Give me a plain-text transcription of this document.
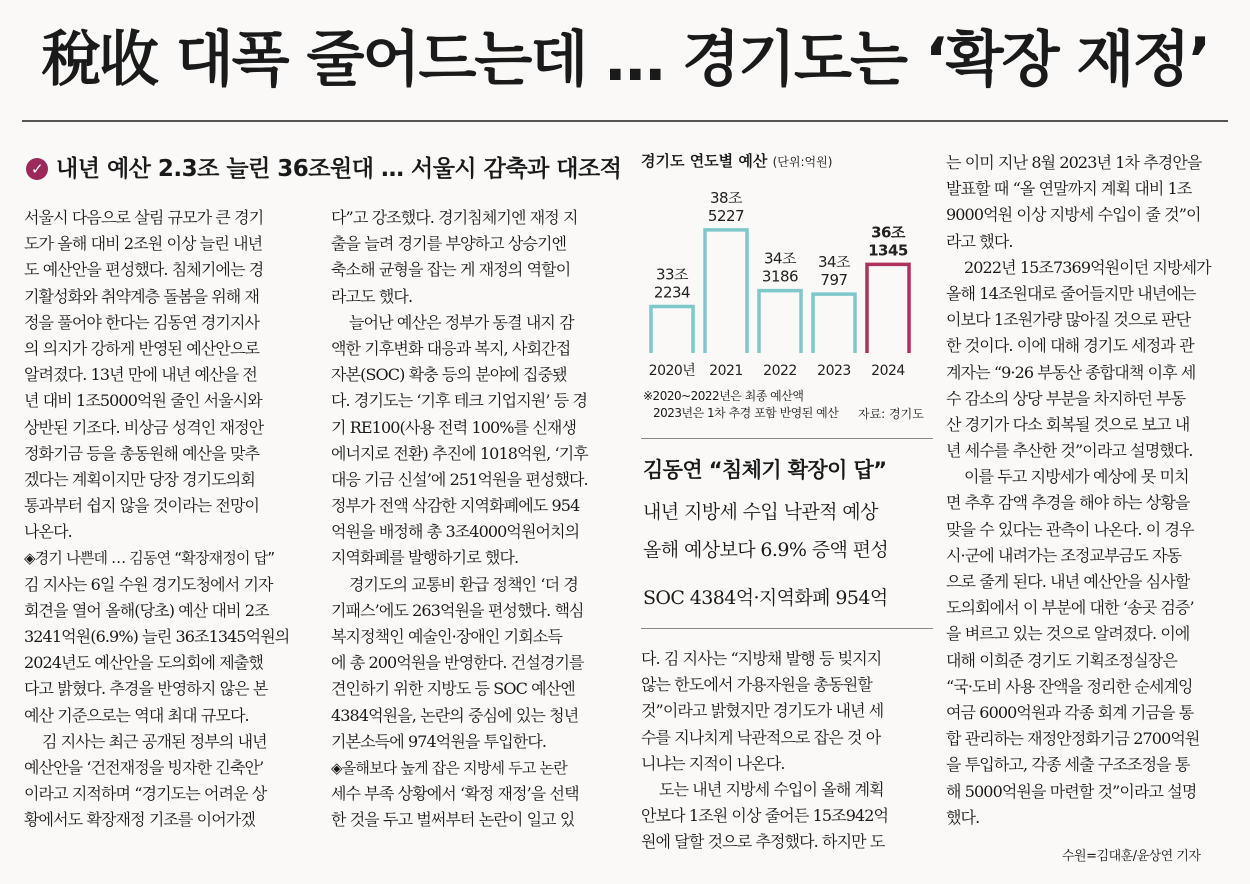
稅收 대폭 줄어드는데 … 경기도는 ‘확장 재정’
✓ 내년 예산 2.3조 늘린 36조원대 … 서울시 감축과 대조적
서울시 다음으로 살림 규모가 큰 경기
도가 올해 대비 2조원 이상 늘린 내년
도 예산안을 편성했다. 침체기에는 경
기활성화와 취약계층 돌봄을 위해 재
정을 풀어야 한다는 김동연 경기지사
의 의지가 강하게 반영된 예산안으로
알려졌다. 13년 만에 내년 예산을 전
년 대비 1조5000억원 줄인 서울시와
상반된 기조다. 비상금 성격인 재정안
정화기금 등을 총동원해 예산을 맞추
겠다는 계획이지만 당장 경기도의회
통과부터 쉽지 않을 것이라는 전망이
나온다.
◈경기 나쁜데 … 김동연 “확장재정이 답”
김 지사는 6일 수원 경기도청에서 기자
회견을 열어 올해(당초) 예산 대비 2조
3241억원(6.9%) 늘린 36조1345억원의
2024년도 예산안을 도의회에 제출했
다고 밝혔다. 추경을 반영하지 않은 본
예산 기준으로는 역대 최대 규모다.
김 지사는 최근 공개된 정부의 내년
예산안을 ‘건전재정을 빙자한 긴축안’
이라고 지적하며 “경기도는 어려운 상
황에서도 확장재정 기조를 이어가겠
다”고 강조했다. 경기침체기엔 재정 지
출을 늘려 경기를 부양하고 상승기엔
축소해 균형을 잡는 게 재정의 역할이
라고도 했다.
늘어난 예산은 정부가 동결 내지 감
액한 기후변화 대응과 복지, 사회간접
자본(SOC) 확충 등의 분야에 집중됐
다. 경기도는 ‘기후 테크 기업지원’ 등 경
기 RE100(사용 전력 100%를 신재생
에너지로 전환) 추진에 1018억원, ‘기후
대응 기금 신설’에 251억원을 편성했다.
정부가 전액 삭감한 지역화폐에도 954
억원을 배정해 총 3조4000억원어치의
지역화폐를 발행하기로 했다.
경기도의 교통비 환급 정책인 ‘더 경
기패스’에도 263억원을 편성했다. 핵심
복지정책인 예술인·장애인 기회소득
에 총 200억원을 반영한다. 건설경기를
견인하기 위한 지방도 등 SOC 예산엔
4384억원을, 논란의 중심에 있는 청년
기본소득에 974억원을 투입한다.
◈올해보다 높게 잡은 지방세 두고 논란
세수 부족 상황에서 ‘확정 재정’을 선택
한 것을 두고 벌써부터 논란이 일고 있
경기도 연도별 예산 (단위:억원)
33조
2234
2020년
38조
5227
2021
34조
3186
2022
34조
797
2023
36조
1345
2024
※2020~2022년은 최종 예산액
2023년은 1차 추경 포함 반영된 예산 자료: 경기도
김동연 “침체기 확장이 답”
내년 지방세 수입 낙관적 예상
올해 예상보다 6.9% 증액 편성
SOC 4384억·지역화폐 954억
다. 김 지사는 “지방채 발행 등 빚지지
않는 한도에서 가용자원을 총동원할
것”이라고 밝혔지만 경기도가 내년 세
수를 지나치게 낙관적으로 잡은 것 아
니냐는 지적이 나온다.
도는 내년 지방세 수입이 올해 계획
안보다 1조원 이상 줄어든 15조942억
원에 달할 것으로 추정했다. 하지만 도
는 이미 지난 8월 2023년 1차 추경안을
발표할 때 “올 연말까지 계획 대비 1조
9000억원 이상 지방세 수입이 줄 것”이
라고 했다.
2022년 15조7369억원이던 지방세가
올해 14조원대로 줄어들지만 내년에는
이보다 1조원가량 많아질 것으로 판단
한 것이다. 이에 대해 경기도 세정과 관
계자는 “9·26 부동산 종합대책 이후 세
수 감소의 상당 부분을 차지하던 부동
산 경기가 다소 회복될 것으로 보고 내
년 세수를 추산한 것”이라고 설명했다.
이를 두고 지방세가 예상에 못 미치
면 추후 감액 추경을 해야 하는 상황을
맞을 수 있다는 관측이 나온다. 이 경우
시·군에 내려가는 조정교부금도 자동
으로 줄게 된다. 내년 예산안을 심사할
도의회에서 이 부분에 대한 ‘송곳 검증’
을 벼르고 있는 것으로 알려졌다. 이에
대해 이희준 경기도 기획조정실장은
“국·도비 사용 잔액을 정리한 순세계잉
여금 6000억원과 각종 회계 기금을 통
합 관리하는 재정안정화기금 2700억원
을 투입하고, 각종 세출 구조조정을 통
해 5000억원을 마련할 것”이라고 설명
했다.
수원=김대훈/윤상연 기자
